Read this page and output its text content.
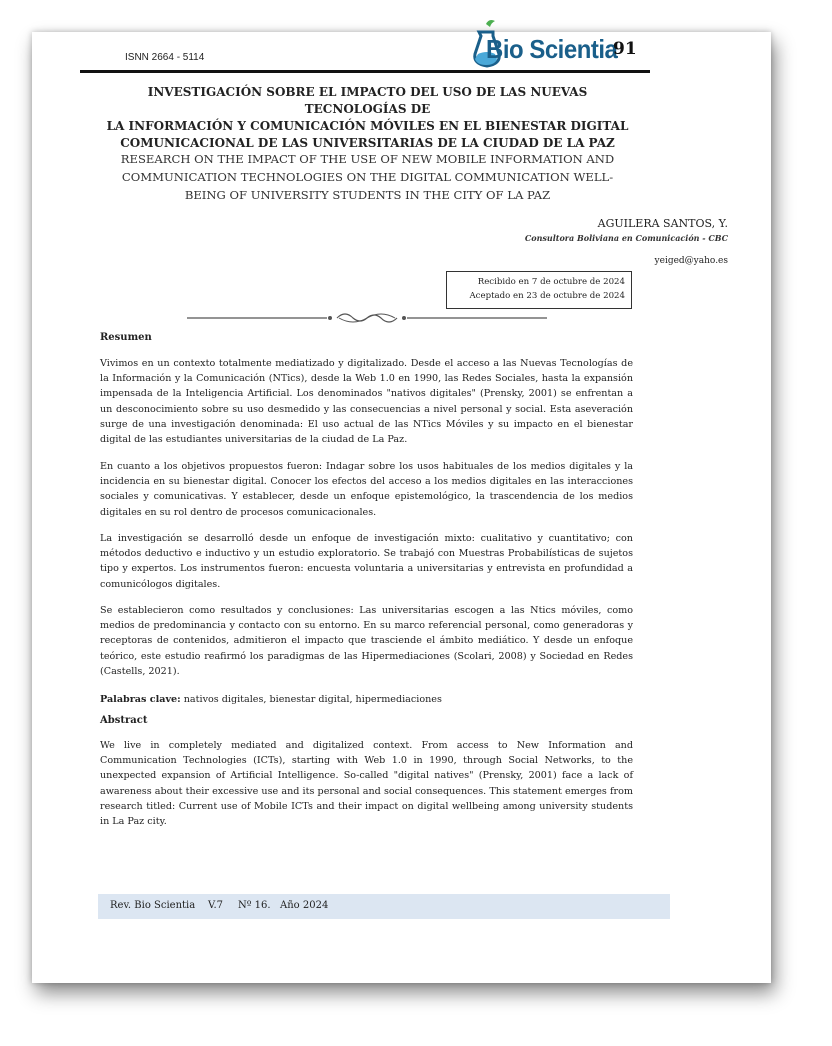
ISNN 2664 - 5114	Bio Scientia
91
INVESTIGACIÓN SOBRE EL IMPACTO DEL USO DE LAS NUEVAS TECNOLOGÍAS DE
LA INFORMACIÓN Y COMUNICACIÓN MÓVILES EN EL BIENESTAR DIGITAL
COMUNICACIONAL DE LAS UNIVERSITARIAS DE LA CIUDAD DE LA PAZ
RESEARCH ON THE IMPACT OF THE USE OF NEW MOBILE INFORMATION AND
COMMUNICATION TECHNOLOGIES ON THE DIGITAL COMMUNICATION WELL-
BEING OF UNIVERSITY STUDENTS IN THE CITY OF LA PAZ
AGUILERA SANTOS, Y.
Consultora Boliviana en Comunicación - CBC
yeiged@yaho.es
Recibido en 7 de octubre de 2024
Aceptado en 23 de octubre de 2024
Resumen

Vivimos en un contexto totalmente mediatizado y digitalizado. Desde el acceso a las Nuevas Tecnologías de la Información y la Comunicación (NTics), desde la Web 1.0 en 1990, las Redes Sociales, hasta la expansión impensada de la Inteligencia Artificial. Los denominados "nativos digitales" (Prensky, 2001) se enfrentan a un desconocimiento sobre su uso desmedido y las consecuencias a nivel personal y social. Esta aseveración surge de una investigación denominada: El uso actual de las NTics Móviles y su impacto en el bienestar digital de las estudiantes universitarias de la ciudad de La Paz.

En cuanto a los objetivos propuestos fueron: Indagar sobre los usos habituales de los medios digitales y la incidencia en su bienestar digital. Conocer los efectos del acceso a los medios digitales en las interacciones sociales y comunicativas. Y establecer, desde un enfoque epistemológico, la trascendencia de los medios digitales en su rol dentro de procesos comunicacionales.

La investigación se desarrolló desde un enfoque de investigación mixto: cualitativo y cuantitativo; con métodos deductivo e inductivo y un estudio exploratorio. Se trabajó con Muestras Probabilísticas de sujetos tipo y expertos. Los instrumentos fueron: encuesta voluntaria a universitarias y entrevista en profundidad a comunicólogos digitales.

Se establecieron como resultados y conclusiones: Las universitarias escogen a las Ntics móviles, como medios de predominancia y contacto con su entorno. En su marco referencial personal, como generadoras y receptoras de contenidos, admitieron el impacto que trasciende el ámbito mediático. Y desde un enfoque teórico, este estudio reafirmó los paradigmas de las Hipermediaciones (Scolari, 2008) y Sociedad en Redes (Castells, 2021).

Palabras clave: nativos digitales, bienestar digital, hipermediaciones
Abstract

We live in completely mediated and digitalized context. From access to New Information and Communication Technologies (ICTs), starting with Web 1.0 in 1990, through Social Networks, to the unexpected expansion of Artificial Intelligence. So-called "digital natives" (Prensky, 2001) face a lack of awareness about their excessive use and its personal and social consequences. This statement emerges from research titled: Current use of Mobile ICTs and their impact on digital wellbeing among university students in La Paz city.

Rev. Bio Scientia V.7 Nº 16. Año 2024
